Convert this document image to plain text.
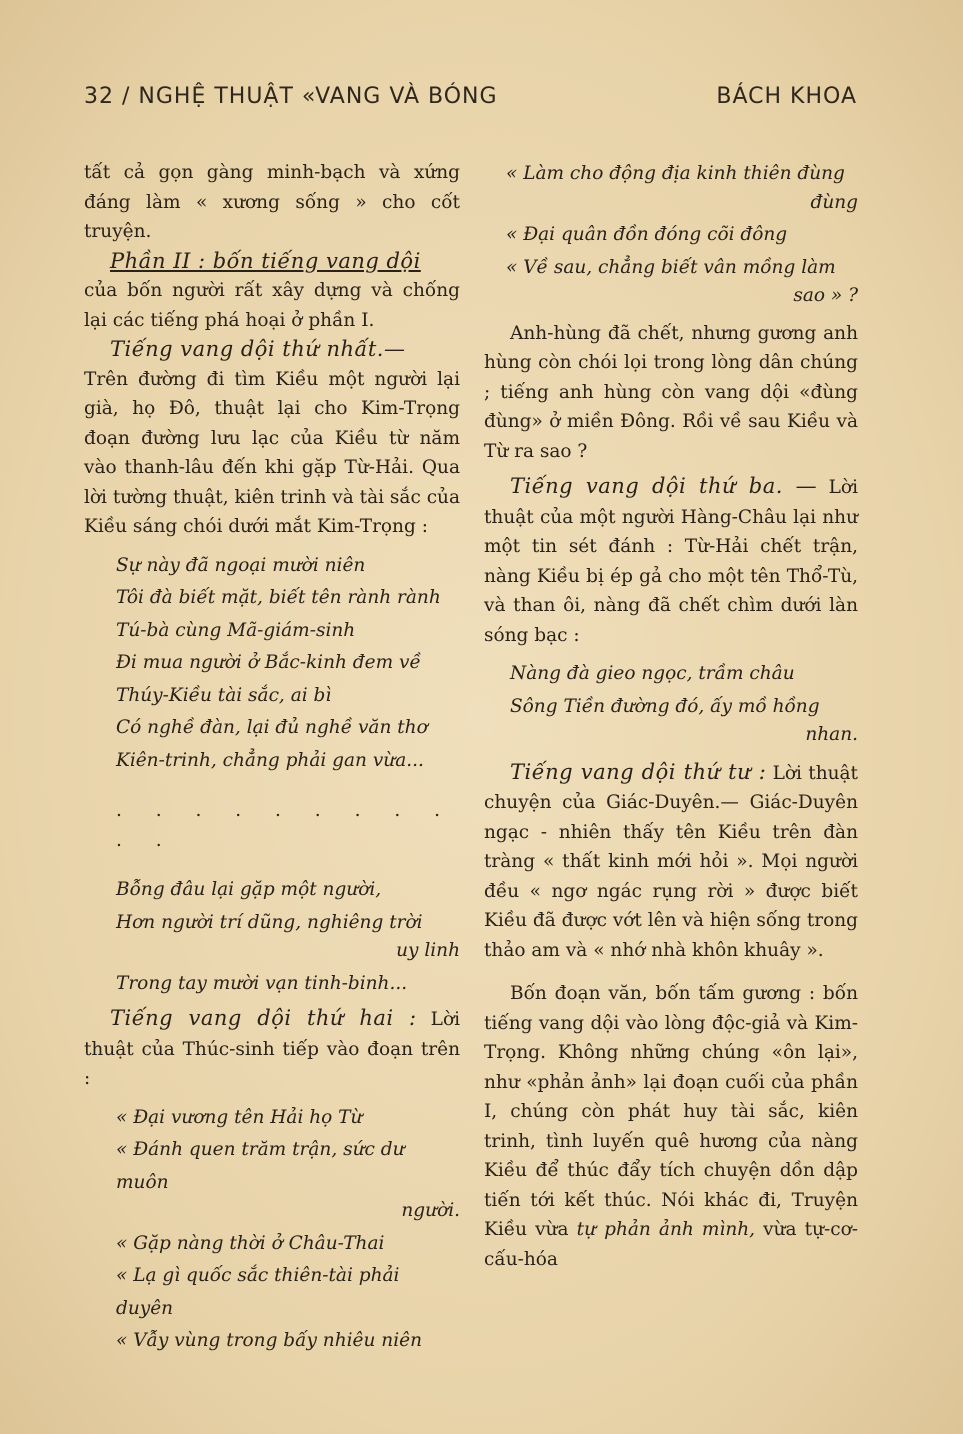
32 / NGHỆ THUẬT «VANG VÀ BÓNG	BÁCH KHOA

tất cả gọn gàng minh-bạch và xứng đáng làm « xương sống » cho cốt truyện.

Phần II : bốn tiếng vang dội

của bốn người rất xây dựng và chống lại các tiếng phá hoại ở phần I.

Tiếng vang dội thứ nhất.—

Trên đường đi tìm Kiều một người lại già, họ Đô, thuật lại cho Kim-Trọng đoạn đường lưu lạc của Kiều từ năm vào thanh-lâu đến khi gặp Từ-Hải. Qua lời tường thuật, kiên trinh và tài sắc của Kiều sáng chói dưới mắt Kim-Trọng :

Sự này đã ngoại mười niên

Tôi đà biết mặt, biết tên rành rành

Tú-bà cùng Mã-giám-sinh

Đi mua người ở Bắc-kinh đem về

Thúy-Kiều tài sắc, ai bì

Có nghề đàn, lại đủ nghề văn thơ

Kiên-trinh, chẳng phải gan vừa...

. . . . . . . . . . .

Bỗng đâu lại gặp một người,

Hơn người trí dũng, nghiêng trời

uy linh

Trong tay mười vạn tinh-binh...

Tiếng vang dội thứ hai : Lời thuật của Thúc-sinh tiếp vào đoạn trên :

« Đại vương tên Hải họ Từ

« Đánh quen trăm trận, sức dư muôn

người.

« Gặp nàng thời ở Châu-Thai

« Lạ gì quốc sắc thiên-tài phải duyên

« Vẫy vùng trong bấy nhiêu niên

« Làm cho động địa kinh thiên đùng

đùng

« Đại quân đồn đóng cõi đông

« Về sau, chẳng biết vân mồng làm

sao » ?

Anh-hùng đã chết, nhưng gương anh hùng còn chói lọi trong lòng dân chúng ; tiếng anh hùng còn vang dội «đùng đùng» ở miền Đông. Rồi về sau Kiều và Từ ra sao ?

Tiếng vang dội thứ ba. — Lời thuật của một người Hàng-Châu lại như một tin sét đánh : Từ-Hải chết trận, nàng Kiều bị ép gả cho một tên Thổ-Tù, và than ôi, nàng đã chết chìm dưới làn sóng bạc :

Nàng đà gieo ngọc, trầm châu

Sông Tiền đường đó, ấy mồ hồng

nhan.

Tiếng vang dội thứ tư : Lời thuật chuyện của Giác-Duyên.— Giác-Duyên ngạc - nhiên thấy tên Kiều trên đàn tràng « thất kinh mới hỏi ». Mọi người đều « ngơ ngác rụng rời » được biết Kiều đã được vớt lên và hiện sống trong thảo am và « nhớ nhà khôn khuây ».

Bốn đoạn văn, bốn tấm gương : bốn tiếng vang dội vào lòng độc-giả và Kim-Trọng. Không những chúng «ôn lại», như «phản ảnh» lại đoạn cuối của phần I, chúng còn phát huy tài sắc, kiên trinh, tình luyến quê hương của nàng Kiều để thúc đẩy tích chuyện dồn dập tiến tới kết thúc. Nói khác đi, Truyện Kiều vừa tự phản ảnh mình, vừa tự-cơ-cấu-hóa
